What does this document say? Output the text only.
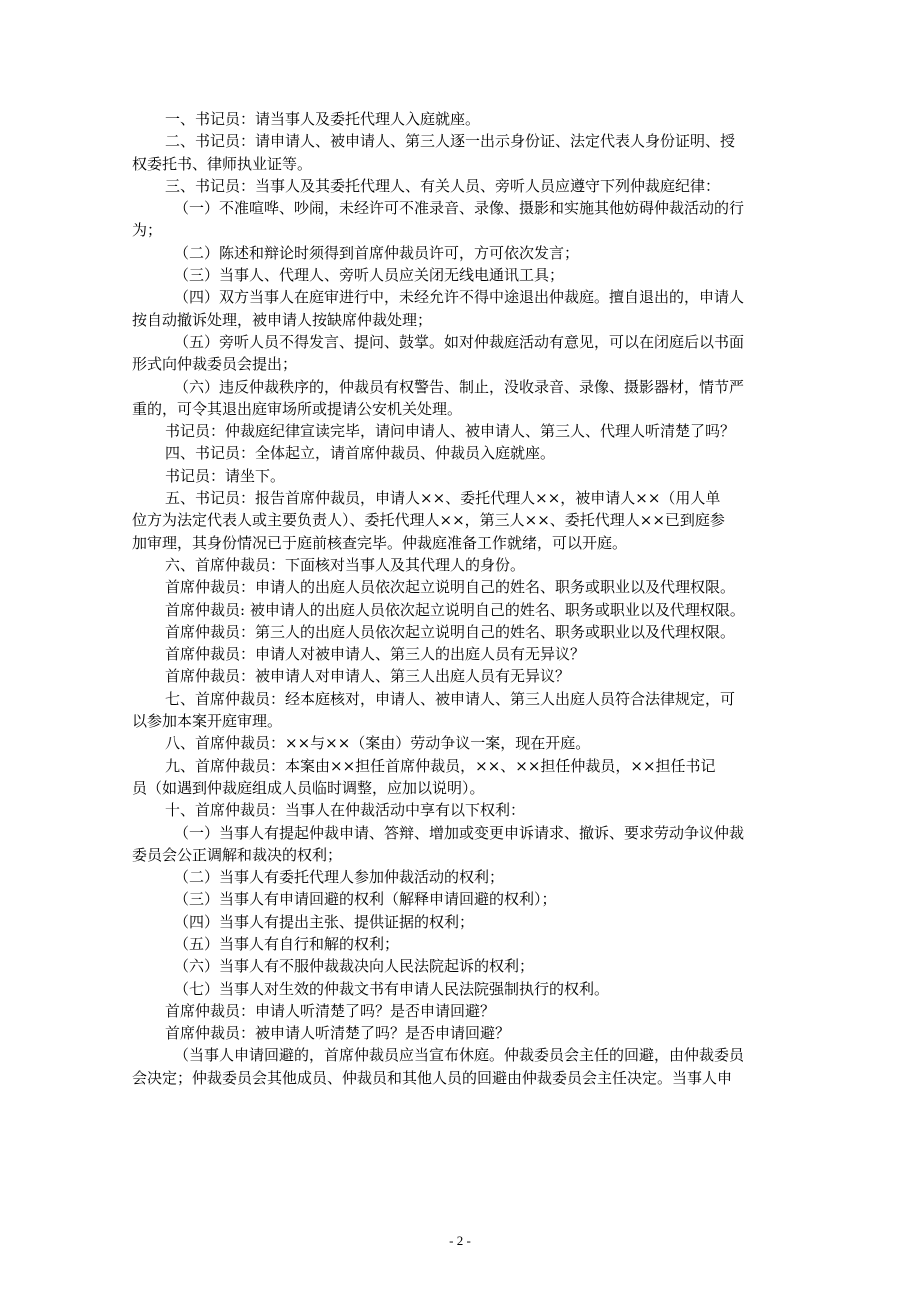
一、书记员：请当事人及委托代理人入庭就座。
二、书记员：请申请人、被申请人、第三人逐一出示身份证、法定代表人身份证明、授
权委托书、律师执业证等。
三、书记员：当事人及其委托代理人、有关人员、旁听人员应遵守下列仲裁庭纪律：
（一）不准喧哗、吵闹，未经许可不准录音、录像、摄影和实施其他妨碍仲裁活动的行
为；
（二）陈述和辩论时须得到首席仲裁员许可，方可依次发言；
（三）当事人、代理人、旁听人员应关闭无线电通讯工具；
（四）双方当事人在庭审进行中，未经允许不得中途退出仲裁庭。擅自退出的，申请人
按自动撤诉处理，被申请人按缺席仲裁处理；
（五）旁听人员不得发言、提问、鼓掌。如对仲裁庭活动有意见，可以在闭庭后以书面
形式向仲裁委员会提出；
（六）违反仲裁秩序的，仲裁员有权警告、制止，没收录音、录像、摄影器材，情节严
重的，可令其退出庭审场所或提请公安机关处理。
书记员：仲裁庭纪律宣读完毕，请问申请人、被申请人、第三人、代理人听清楚了吗？
四、书记员：全体起立，请首席仲裁员、仲裁员入庭就座。
书记员：请坐下。
五、书记员：报告首席仲裁员，申请人××、委托代理人××，被申请人××（用人单
位方为法定代表人或主要负责人）、委托代理人××，第三人××、委托代理人××已到庭参
加审理，其身份情况已于庭前核查完毕。仲裁庭准备工作就绪，可以开庭。
六、首席仲裁员：下面核对当事人及其代理人的身份。
首席仲裁员：申请人的出庭人员依次起立说明自己的姓名、职务或职业以及代理权限。
首席仲裁员: 被申请人的出庭人员依次起立说明自己的姓名、职务或职业以及代理权限。
首席仲裁员：第三人的出庭人员依次起立说明自己的姓名、职务或职业以及代理权限。
首席仲裁员：申请人对被申请人、第三人的出庭人员有无异议？
首席仲裁员：被申请人对申请人、第三人出庭人员有无异议？
七、首席仲裁员：经本庭核对，申请人、被申请人、第三人出庭人员符合法律规定，可
以参加本案开庭审理。
八、首席仲裁员：××与××（案由）劳动争议一案，现在开庭。
九、首席仲裁员：本案由××担任首席仲裁员，××、××担任仲裁员，××担任书记
员（如遇到仲裁庭组成人员临时调整，应加以说明）。
十、首席仲裁员：当事人在仲裁活动中享有以下权利：
（一）当事人有提起仲裁申请、答辩、增加或变更申诉请求、撤诉、要求劳动争议仲裁
委员会公正调解和裁决的权利；
（二）当事人有委托代理人参加仲裁活动的权利；
（三）当事人有申请回避的权利（解释申请回避的权利）；
（四）当事人有提出主张、提供证据的权利；
（五）当事人有自行和解的权利；
（六）当事人有不服仲裁裁决向人民法院起诉的权利；
（七）当事人对生效的仲裁文书有申请人民法院强制执行的权利。
首席仲裁员：申请人听清楚了吗？是否申请回避？
首席仲裁员：被申请人听清楚了吗？是否申请回避？
（当事人申请回避的，首席仲裁员应当宣布休庭。仲裁委员会主任的回避，由仲裁委员
会决定；仲裁委员会其他成员、仲裁员和其他人员的回避由仲裁委员会主任决定。当事人申
- 2 -
